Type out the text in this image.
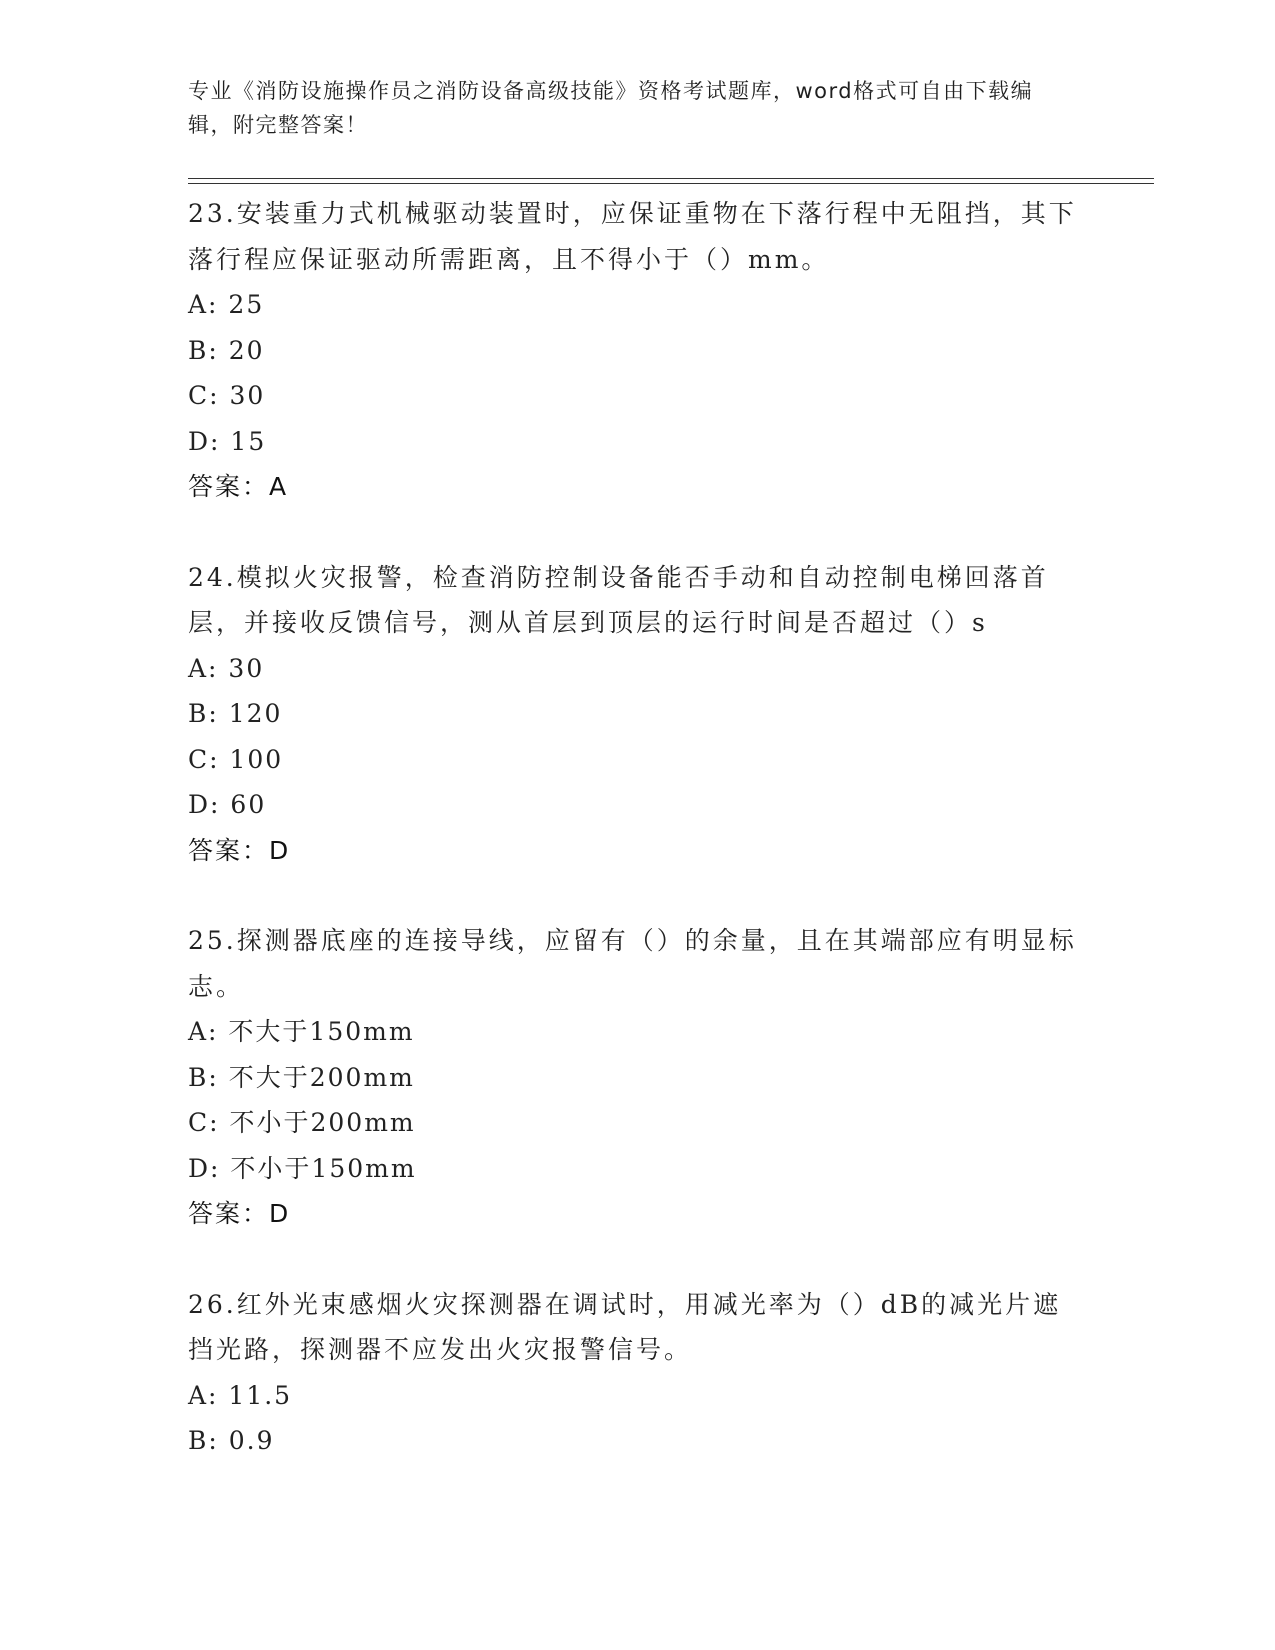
专业《消防设施操作员之消防设备高级技能》资格考试题库，word格式可自由下载编辑，附完整答案！

23.安装重力式机械驱动装置时，应保证重物在下落行程中无阻挡，其下落行程应保证驱动所需距离，且不得小于（）mm。

A: 25
B: 20
C: 30
D: 15
答案：A

24.模拟火灾报警，检查消防控制设备能否手动和自动控制电梯回落首层，并接收反馈信号，测从首层到顶层的运行时间是否超过（）s

A: 30
B: 120
C: 100
D: 60
答案：D

25.探测器底座的连接导线，应留有（）的余量，且在其端部应有明显标志。

A: 不大于150mm
B: 不大于200mm
C: 不小于200mm
D: 不小于150mm
答案：D

26.红外光束感烟火灾探测器在调试时，用减光率为（）dB的减光片遮挡光路，探测器不应发出火灾报警信号。

A: 11.5
B: 0.9
